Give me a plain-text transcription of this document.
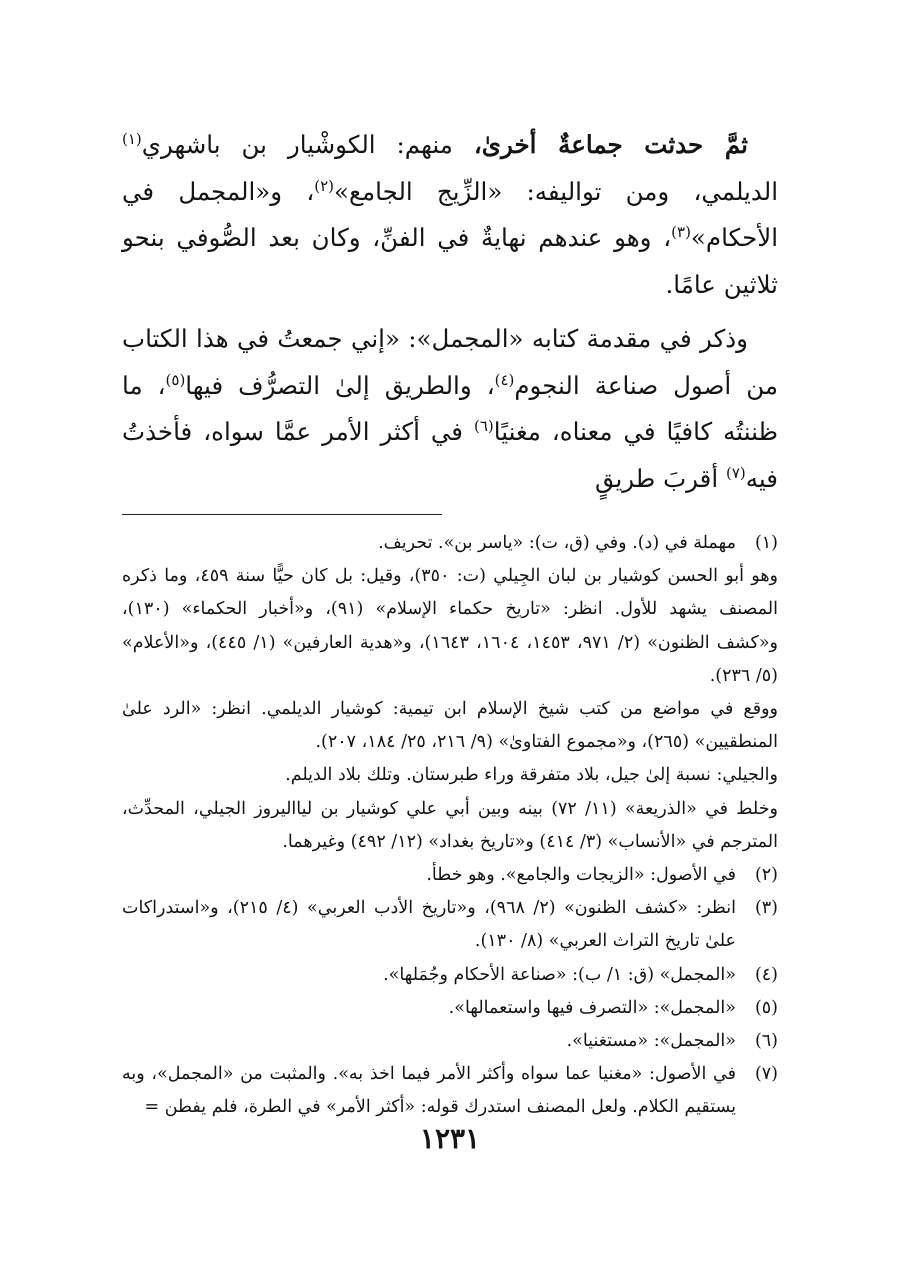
ثمَّ حدثت جماعةٌ أخرىٰ، منهم: الكوشْيار بن باشهري$^{(١)}$ الديلمي، ومن تواليفه: «الزِّيج الجامع»$^{(٢)}$، و«المجمل في الأحكام»$^{(٣)}$، وهو عندهم نهايةٌ في الفنِّ، وكان بعد الصُّوفي بنحو ثلاثين عامًا.

وذكر في مقدمة كتابه «المجمل»: «إني جمعتُ في هذا الكتاب من أصول صناعة النجوم$^{(٤)}$، والطريق إلىٰ التصرُّف فيها$^{(٥)}$، ما ظننتُه كافيًا في معناه، مغنيًا$^{(٦)}$ في أكثر الأمر عمَّا سواه، فأخذتُ فيه$^{(٧)}$ أقربَ طريقٍ

(١)

مهملة في (د). وفي (ق، ت): «ياسر بن». تحريف.

وهو أبو الحسن كوشيار بن لبان الجِيلي (ت: ٣٥٠)، وقيل: بل كان حيًّا سنة ٤٥٩، وما ذكره المصنف يشهد للأول. انظر: «تاريخ حكماء الإسلام» (٩١)، و«أخبار الحكماء» (١٣٠)، و«كشف الظنون» (٢/ ٩٧١، ١٤٥٣، ١٦٠٤، ١٦٤٣)، و«هدية العارفين» (١/ ٤٤٥)، و«الأعلام» (٥/ ٢٣٦).

ووقع في مواضع من كتب شيخ الإسلام ابن تيمية: كوشيار الديلمي. انظر: «الرد علىٰ المنطقيين» (٢٦٥)، و«مجموع الفتاوىٰ» (٩/ ٢١٦، ٢٥/ ١٨٤، ٢٠٧).

والجيلي: نسبة إلىٰ جيل، بلاد متفرقة وراء طبرستان. وتلك بلاد الديلم.

وخلط في «الذريعة» (١١/ ٧٢) بينه وبين أبي علي كوشيار بن ليااليروز الجيلي، المحدِّث، المترجم في «الأنساب» (٣/ ٤١٤) و«تاريخ بغداد» (١٢/ ٤٩٢) وغيرهما.

(٢)

في الأصول: «الزيجات والجامع». وهو خطأ.

(٣)

انظر: «كشف الظنون» (٢/ ٩٦٨)، و«تاريخ الأدب العربي» (٤/ ٢١٥)، و«استدراكات علىٰ تاريخ التراث العربي» (٨/ ١٣٠).

(٤)

«المجمل» (ق: ١/ ب): «صناعة الأحكام وجُمَلها».

(٥)

«المجمل»: «التصرف فيها واستعمالها».

(٦)

«المجمل»: «مستغنيا».

(٧)

في الأصول: «مغنيا عما سواه وأكثر الأمر فيما اخذ به». والمثبت من «المجمل»، وبه يستقيم الكلام. ولعل المصنف استدرك قوله: «أكثر الأمر» في الطرة، فلم يفطن =

١٢٣١
